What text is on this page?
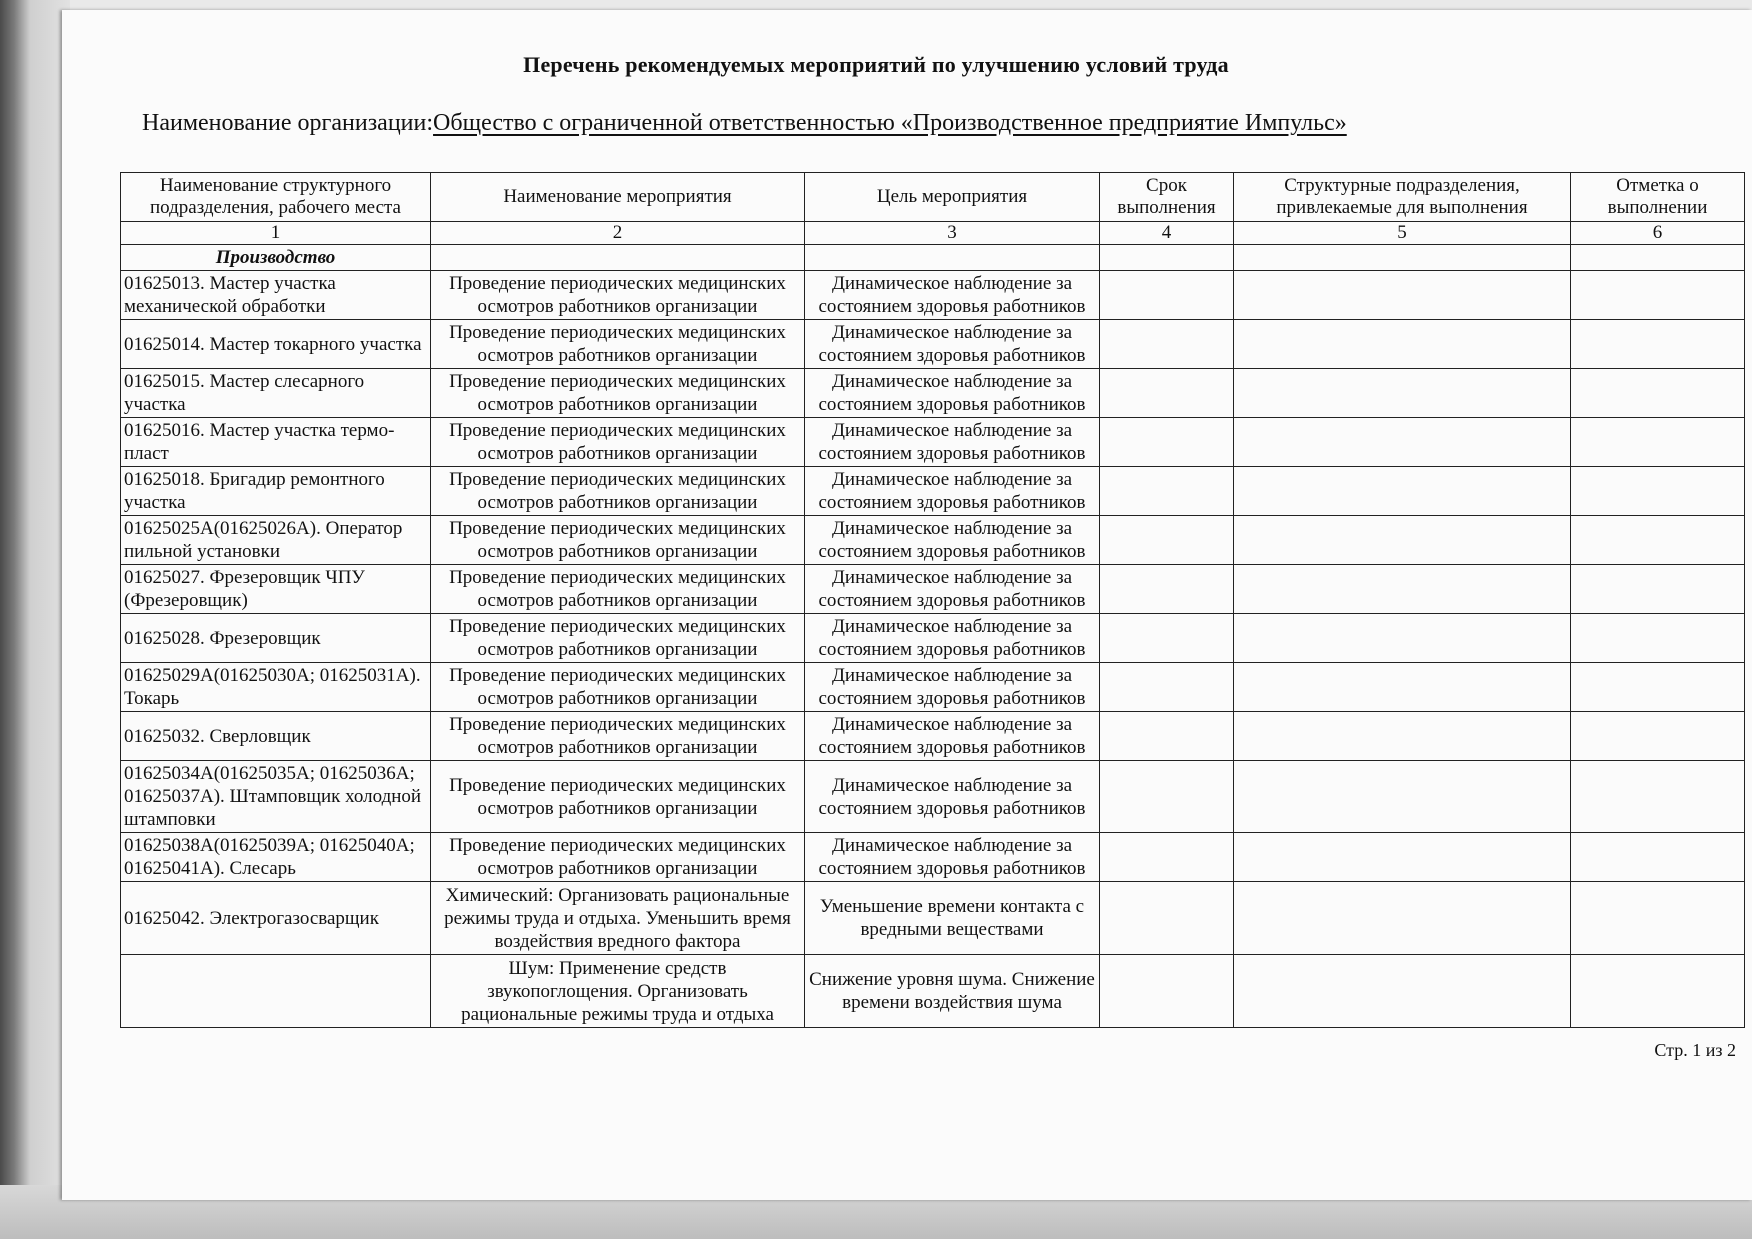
Перечень рекомендуемых мероприятий по улучшению условий труда
Наименование организации:Общество с ограниченной ответственностью «Производственное предприятие Импульс»
Наименование структурного подразделения, рабочего места	Наименование мероприятия	Цель мероприятия	Срок выполнения	Структурные подразделения, привлекаемые для выполнения	Отметка о выполнении
1	2	3	4	5	6
Производство					
01625013. Мастер участка механической обработки	Проведение периодических медицинских осмотров работников организации	Динамическое наблюдение за состоянием здоровья работников			
01625014. Мастер токарного участка	Проведение периодических медицинских осмотров работников организации	Динамическое наблюдение за состоянием здоровья работников			
01625015. Мастер слесарного участка	Проведение периодических медицинских осмотров работников организации	Динамическое наблюдение за состоянием здоровья работников			
01625016. Мастер участка термо-пласт	Проведение периодических медицинских осмотров работников организации	Динамическое наблюдение за состоянием здоровья работников			
01625018. Бригадир ремонтного участка	Проведение периодических медицинских осмотров работников организации	Динамическое наблюдение за состоянием здоровья работников			
01625025А(01625026А). Оператор пильной установки	Проведение периодических медицинских осмотров работников организации	Динамическое наблюдение за состоянием здоровья работников			
01625027. Фрезеровщик ЧПУ (Фрезеровщик)	Проведение периодических медицинских осмотров работников организации	Динамическое наблюдение за состоянием здоровья работников			
01625028. Фрезеровщик	Проведение периодических медицинских осмотров работников организации	Динамическое наблюдение за состоянием здоровья работников			
01625029А(01625030А; 01625031А). Токарь	Проведение периодических медицинских осмотров работников организации	Динамическое наблюдение за состоянием здоровья работников			
01625032. Сверловщик	Проведение периодических медицинских осмотров работников организации	Динамическое наблюдение за состоянием здоровья работников			
01625034А(01625035А; 01625036А; 01625037А). Штамповщик холодной штамповки	Проведение периодических медицинских осмотров работников организации	Динамическое наблюдение за состоянием здоровья работников			
01625038А(01625039А; 01625040А; 01625041А). Слесарь	Проведение периодических медицинских осмотров работников организации	Динамическое наблюдение за состоянием здоровья работников			
01625042. Электрогазосварщик	Химический: Организовать рациональные режимы труда и отдыха. Уменьшить время воздействия вредного фактора	Уменьшение времени контакта с вредными веществами			
	Шум: Применение средств звукопоглощения. Организовать рациональные режимы труда и отдыха	Снижение уровня шума. Снижение времени воздействия шума			
Стр. 1 из 2
